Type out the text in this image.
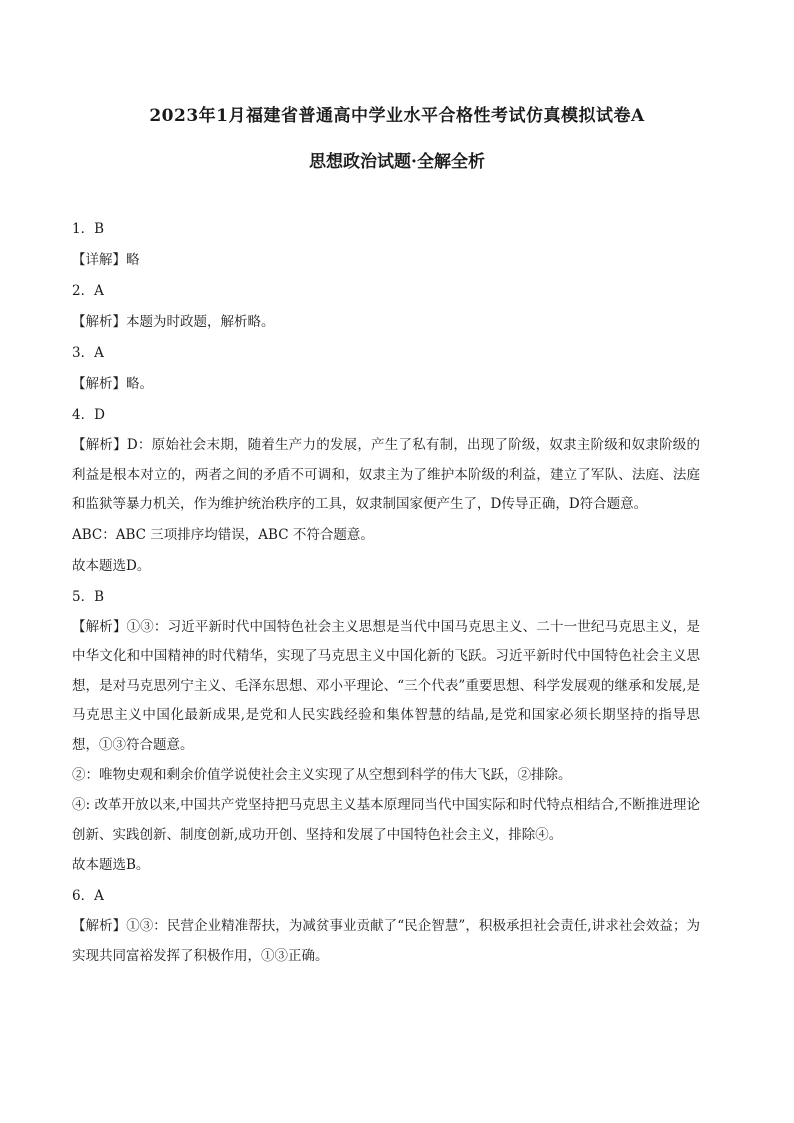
2023年1月福建省普通高中学业水平合格性考试仿真模拟试卷A

思想政治试题·全解全析

1．B

【详解】略

2．A

【解析】本题为时政题，解析略。

3．A

【解析】略。

4．D

【解析】D：原始社会末期，随着生产力的发展，产生了私有制，出现了阶级，奴隶主阶级和奴隶阶级的利益是根本对立的，两者之间的矛盾不可调和，奴隶主为了维护本阶级的利益，建立了军队、法庭、法庭和监狱等暴力机关，作为维护统治秩序的工具，奴隶制国家便产生了，D传导正确，D符合题意。

ABC：ABC 三项排序均错误，ABC 不符合题意。

故本题选D。

5．B

【解析】①③：习近平新时代中国特色社会主义思想是当代中国马克思主义、二十一世纪马克思主义，是中华文化和中国精神的时代精华，实现了马克思主义中国化新的飞跃。习近平新时代中国特色社会主义思想，是对马克思列宁主义、毛泽东思想、邓小平理论、“三个代表”重要思想、科学发展观的继承和发展,是马克思主义中国化最新成果,是党和人民实践经验和集体智慧的结晶,是党和国家必须长期坚持的指导思想，①③符合题意。

②：唯物史观和剩余价值学说使社会主义实现了从空想到科学的伟大飞跃，②排除。

④: 改革开放以来,中国共产党坚持把马克思主义基本原理同当代中国实际和时代特点相结合,不断推进理论创新、实践创新、制度创新,成功开创、坚持和发展了中国特色社会主义，排除④。

故本题选B。

6．A

【解析】①③：民营企业精准帮扶，为减贫事业贡献了“民企智慧”，积极承担社会责任,讲求社会效益；为实现共同富裕发挥了积极作用，①③正确。
